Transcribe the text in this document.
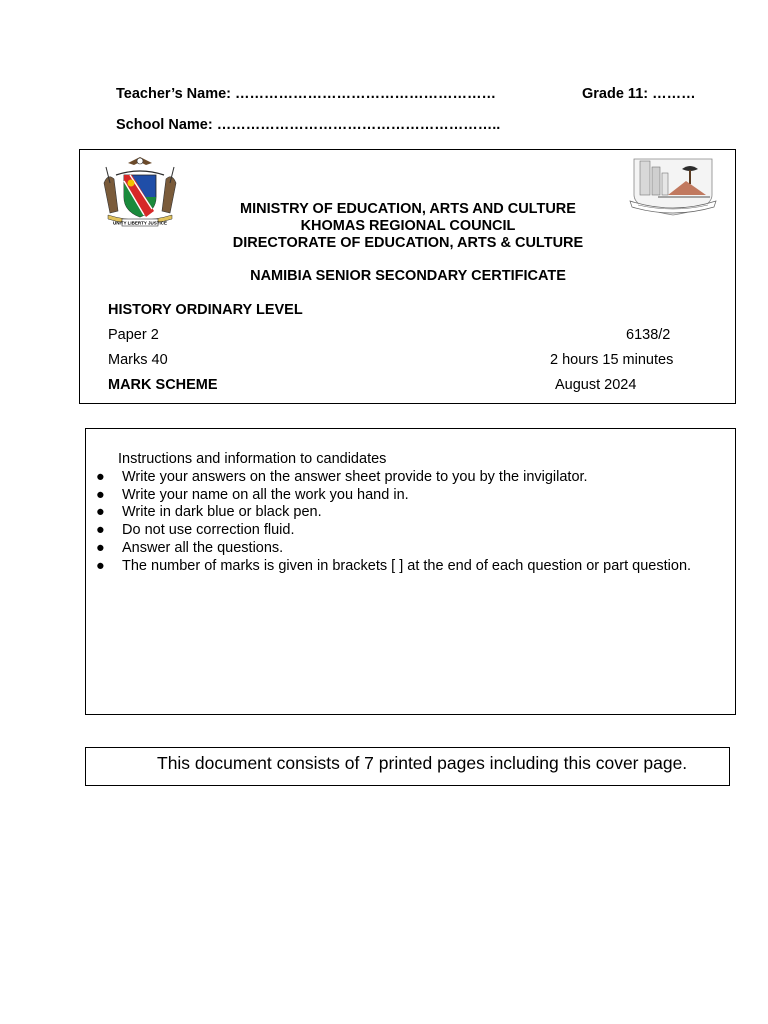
Teacher’s Name: ………………………………………………	Grade 11: ………
School Name: …………………………………………………..
UNITY LIBERTY JUSTICE
MINISTRY OF EDUCATION, ARTS AND CULTURE
KHOMAS REGIONAL COUNCIL
DIRECTORATE OF EDUCATION, ARTS & CULTURE
NAMIBIA SENIOR SECONDARY CERTIFICATE
HISTORY ORDINARY LEVEL
Paper 2	6138/2
Marks 40	2 hours 15 minutes
MARK SCHEME	August 2024
Instructions and information to candidates
● Write your answers on the answer sheet provide to you by the invigilator.
● Write your name on all the work you hand in.
● Write in dark blue or black pen.
● Do not use correction fluid.
● Answer all the questions.
● The number of marks is given in brackets [ ] at the end of each question or part question.
This document consists of 7 printed pages including this cover page.
